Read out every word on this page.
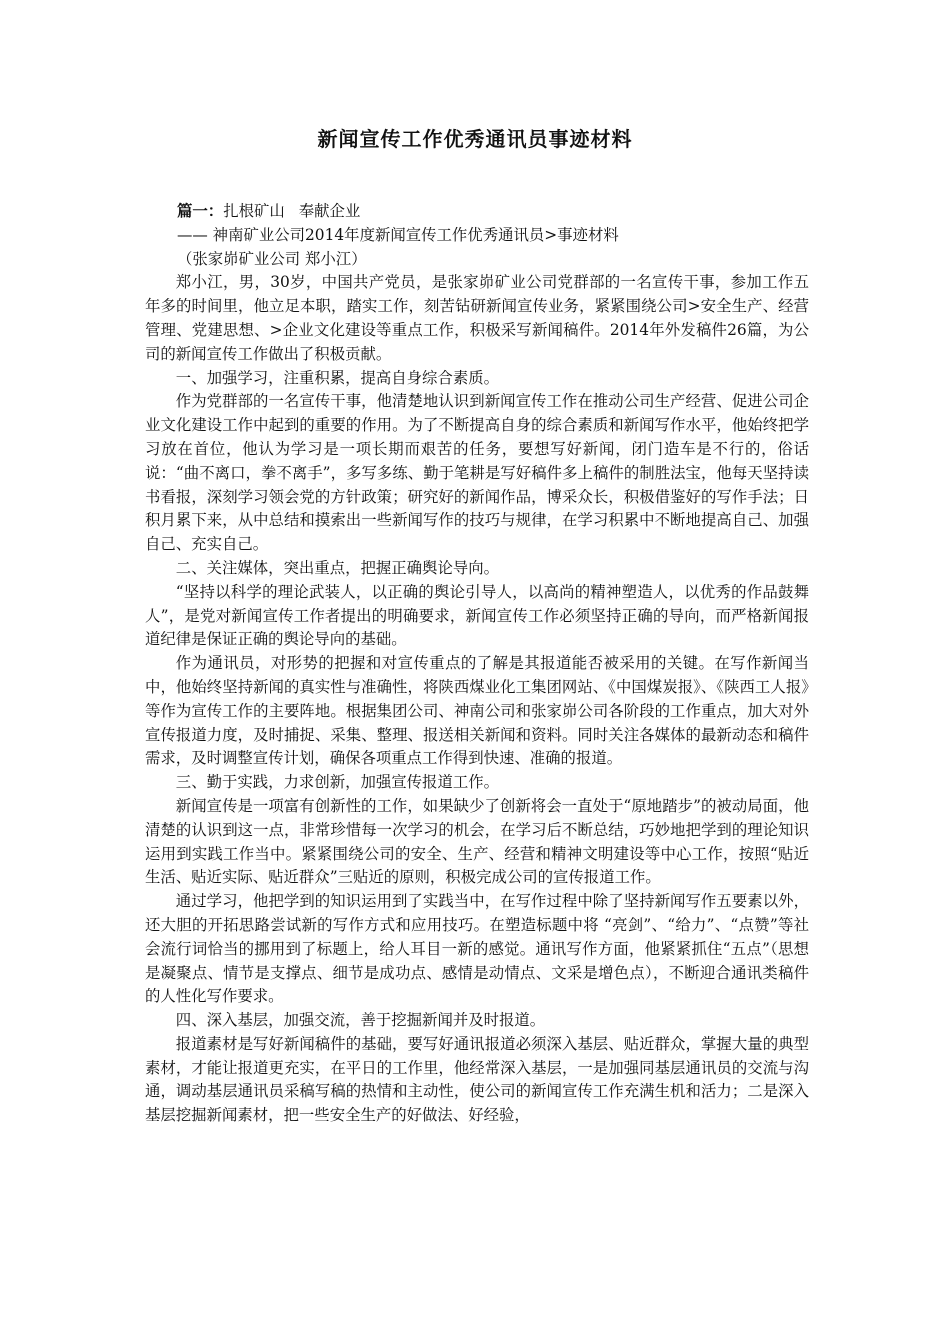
新闻宣传工作优秀通讯员事迹材料

篇一：扎根矿山 奉献企业

—— 神南矿业公司2014年度新闻宣传工作优秀通讯员>事迹材料

（张家峁矿业公司 郑小江）

郑小江，男，30岁，中国共产党员，是张家峁矿业公司党群部的一名宣传干事，参加工作五年多的时间里，他立足本职，踏实工作，刻苦钻研新闻宣传业务，紧紧围绕公司>安全生产、经营管理、党建思想、>企业文化建设等重点工作，积极采写新闻稿件。2014年外发稿件26篇，为公司的新闻宣传工作做出了积极贡献。

一、加强学习，注重积累，提高自身综合素质。

作为党群部的一名宣传干事，他清楚地认识到新闻宣传工作在推动公司生产经营、促进公司企业文化建设工作中起到的重要的作用。为了不断提高自身的综合素质和新闻写作水平，他始终把学习放在首位，他认为学习是一项长期而艰苦的任务，要想写好新闻，闭门造车是不行的，俗话说：“曲不离口，拳不离手”，多写多练、勤于笔耕是写好稿件多上稿件的制胜法宝，他每天坚持读书看报，深刻学习领会党的方针政策；研究好的新闻作品，博采众长，积极借鉴好的写作手法；日积月累下来，从中总结和摸索出一些新闻写作的技巧与规律，在学习积累中不断地提高自己、加强自己、充实自己。

二、关注媒体，突出重点，把握正确舆论导向。

“坚持以科学的理论武装人，以正确的舆论引导人，以高尚的精神塑造人，以优秀的作品鼓舞人”，是党对新闻宣传工作者提出的明确要求，新闻宣传工作必须坚持正确的导向，而严格新闻报道纪律是保证正确的舆论导向的基础。

作为通讯员，对形势的把握和对宣传重点的了解是其报道能否被采用的关键。在写作新闻当中，他始终坚持新闻的真实性与准确性，将陕西煤业化工集团网站、《中国煤炭报》、《陕西工人报》等作为宣传工作的主要阵地。根据集团公司、神南公司和张家峁公司各阶段的工作重点，加大对外宣传报道力度，及时捕捉、采集、整理、报送相关新闻和资料。同时关注各媒体的最新动态和稿件需求，及时调整宣传计划，确保各项重点工作得到快速、准确的报道。

三、勤于实践，力求创新，加强宣传报道工作。

新闻宣传是一项富有创新性的工作，如果缺少了创新将会一直处于“原地踏步”的被动局面，他清楚的认识到这一点，非常珍惜每一次学习的机会，在学习后不断总结，巧妙地把学到的理论知识运用到实践工作当中。紧紧围绕公司的安全、生产、经营和精神文明建设等中心工作，按照“贴近生活、贴近实际、贴近群众”三贴近的原则，积极完成公司的宣传报道工作。

通过学习，他把学到的知识运用到了实践当中，在写作过程中除了坚持新闻写作五要素以外，还大胆的开拓思路尝试新的写作方式和应用技巧。在塑造标题中将 “亮剑”、“给力”、“点赞”等社会流行词恰当的挪用到了标题上，给人耳目一新的感觉。通讯写作方面，他紧紧抓住“五点”（思想是凝聚点、情节是支撑点、细节是成功点、感情是动情点、文采是增色点），不断迎合通讯类稿件的人性化写作要求。

四、深入基层，加强交流，善于挖掘新闻并及时报道。

报道素材是写好新闻稿件的基础，要写好通讯报道必须深入基层、贴近群众，掌握大量的典型素材，才能让报道更充实，在平日的工作里，他经常深入基层，一是加强同基层通讯员的交流与沟通，调动基层通讯员采稿写稿的热情和主动性，使公司的新闻宣传工作充满生机和活力；二是深入基层挖掘新闻素材，把一些安全生产的好做法、好经验，
